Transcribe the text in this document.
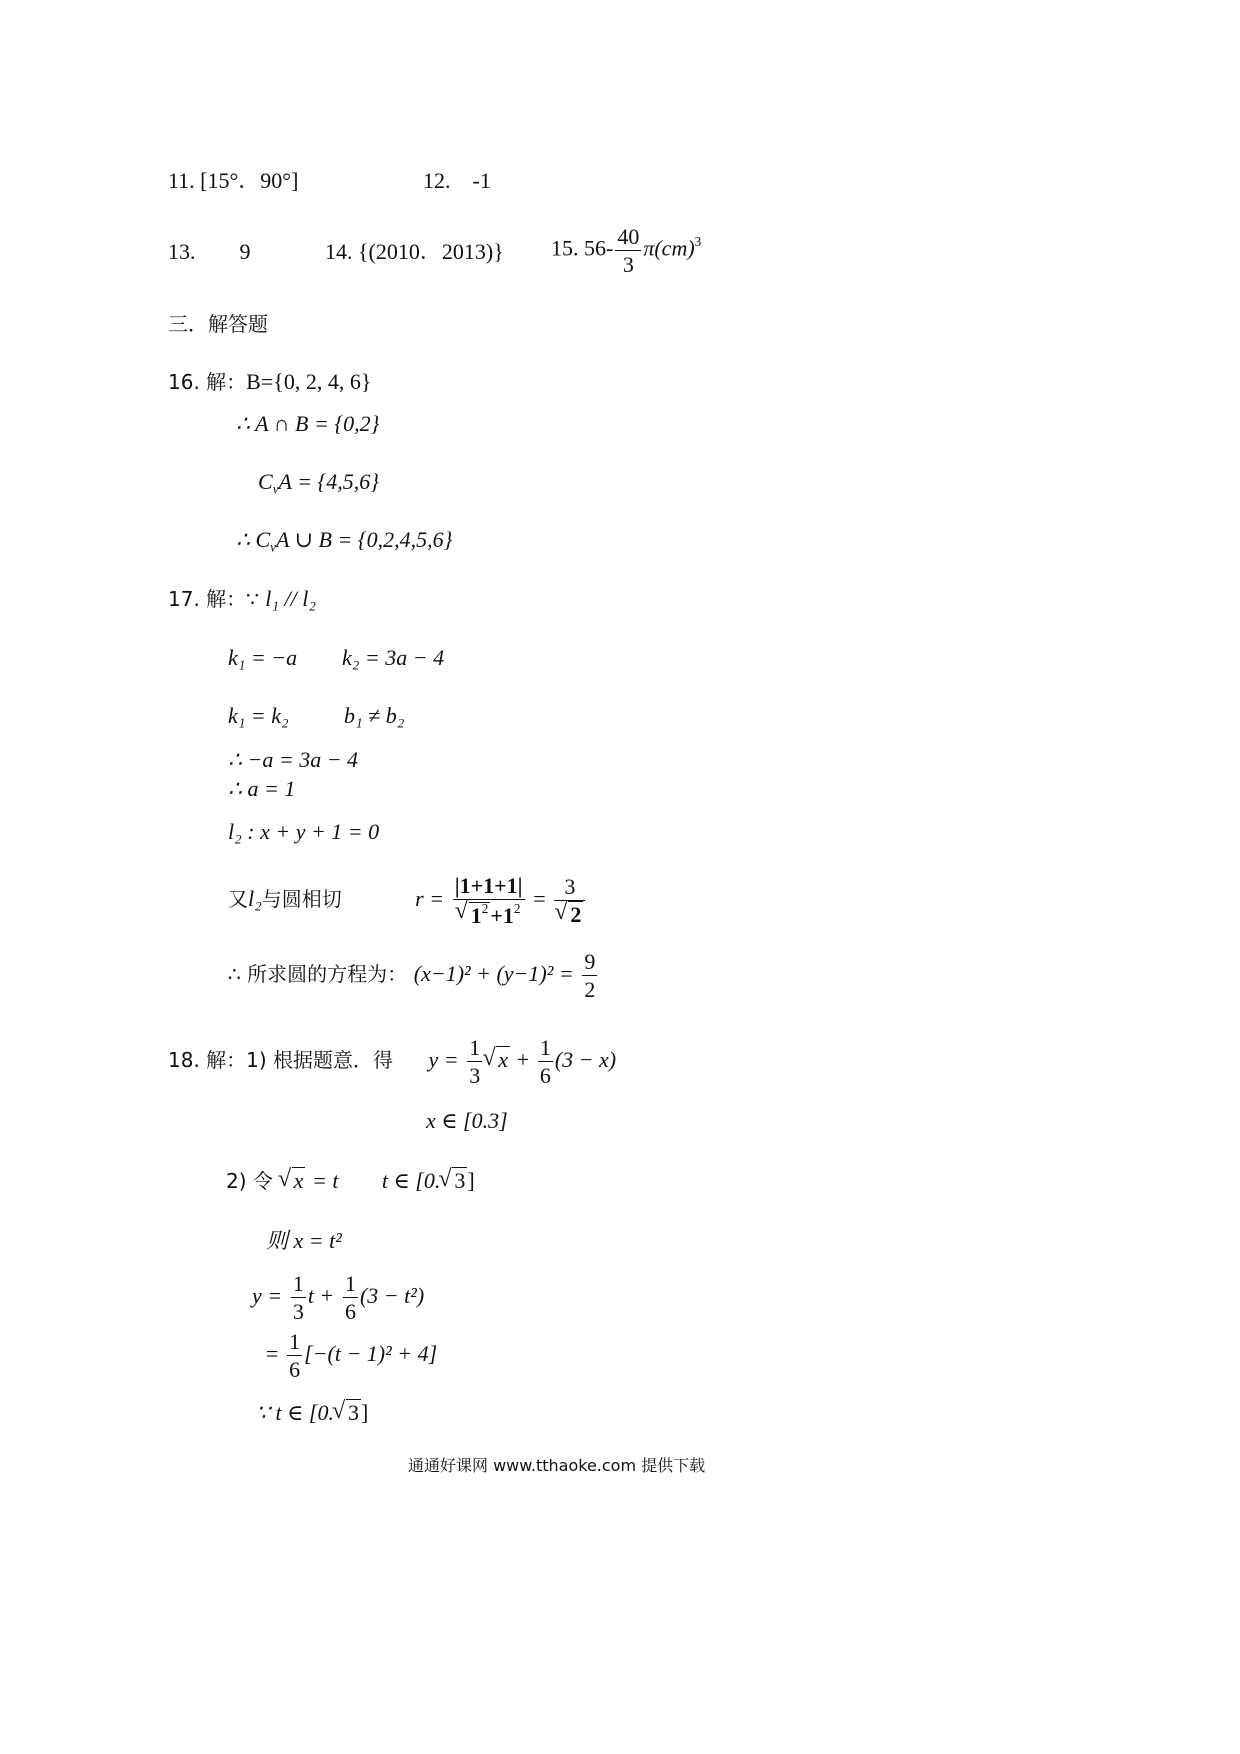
11. [15°．90°]	12.　-1
13.　　9	14. {(2010．2013)} 15. $56- \frac{40}{3} \pi(cm)^3$
三．解答题
16. 解：B={0, 2, 4, 6}
∴ A ∩ B = {0,2}
$C_vA = \{4,5,6\}$
∴ $C_vA$ ∪ B = {0,2,4,5,6}
17. 解：∵ l₁ // l₂
k₁ = −a k₂ = 3a − 4
k₁ = k₂	b₁ ≠ b₂
∴ −a = 3a − 4
∴ a = 1
l₂ : x + y + 1 = 0
又l₂与圆相切	r = |1+1+1|
√ $1^2+1^2 = 3$
√ 2
∴ 所求圆的方程为： $(x-1)^2 + (y-1)^2 = \frac{9}{2}$
18. 解：1) 根据题意．得 $y = \frac{1}{3}$ √ $x + \frac{1}{6} (3 - x)$
x ∈ [0.3]
2) 令 √ x = t t ∈ [0. √ 3]
则 x = t²
$y = \frac{1}{3}$ $t + \frac{1}{6} (3 - t^2)$
= $\frac{1}{6} [-(t - 1)^2 + 4]$
∵ t ∈ [0. √ 3]
通通好课网 www.tthaoke.com 提供下载
